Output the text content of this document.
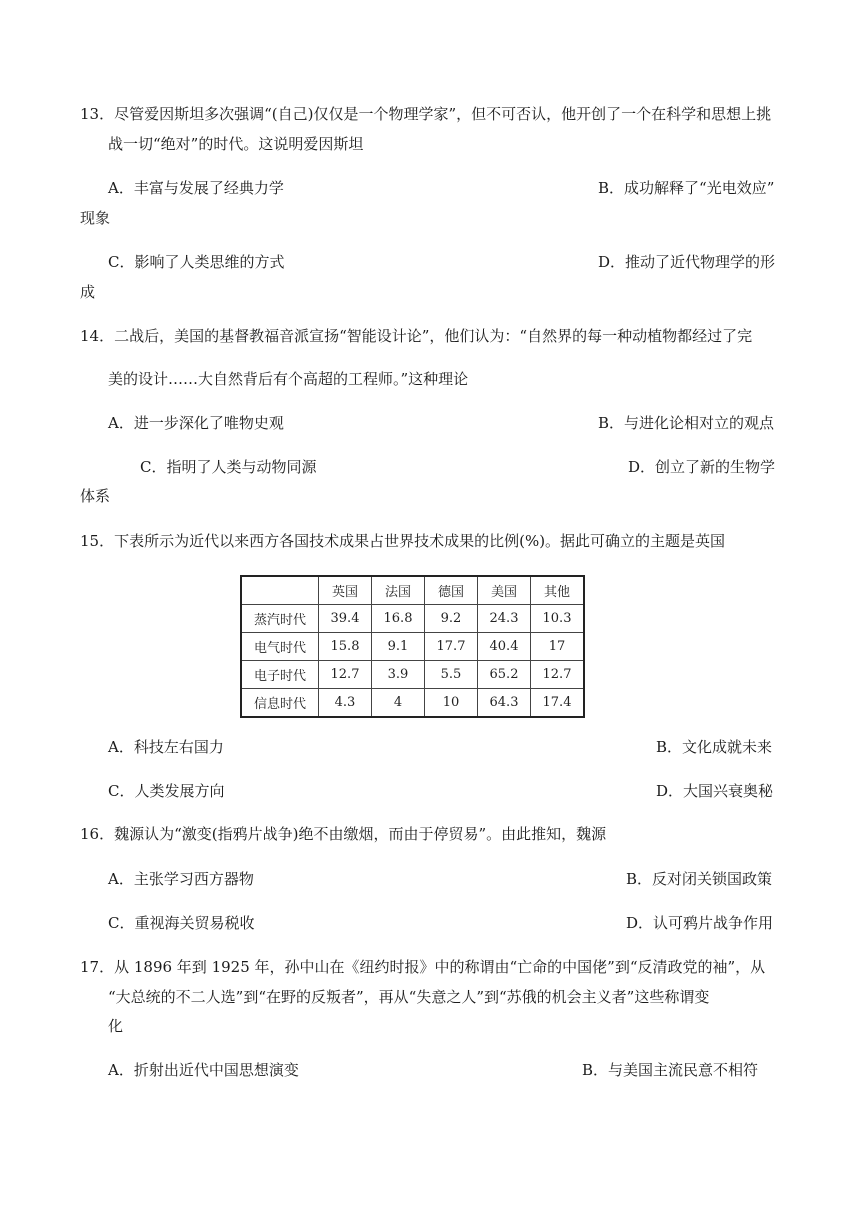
13．尽管爱因斯坦多次强调“(自己)仅仅是一个物理学家”，但不可否认，他开创了一个在科学和思想上挑
战一切“绝对”的时代。这说明爱因斯坦
A．丰富与发展了经典力学	B．成功解释了“光电效应”
现象
C．影响了人类思维的方式	D．推动了近代物理学的形
成
14．二战后，美国的基督教福音派宣扬“智能设计论”，他们认为：“自然界的每一种动植物都经过了完
美的设计……大自然背后有个高超的工程师。”这种理论
A．进一步深化了唯物史观	B．与进化论相对立的观点
C．指明了人类与动物同源	D．创立了新的生物学
体系
15．下表所示为近代以来西方各国技术成果占世界技术成果的比例(%)。据此可确立的主题是英国
	英国	法国	德国	美国	其他
蒸汽时代	39.4	16.8	9.2	24.3	10.3
电气时代	15.8	9.1	17.7	40.4	17
电子时代	12.7	3.9	5.5	65.2	12.7
信息时代	4.3	4	10	64.3	17.4
A．科技左右国力	B．文化成就未来
C．人类发展方向	D．大国兴衰奥秘
16．魏源认为“激变(指鸦片战争)绝不由缴烟，而由于停贸易”。由此推知，魏源
A．主张学习西方器物	B．反对闭关锁国政策
C．重视海关贸易税收	D．认可鸦片战争作用
17．从 1896 年到 1925 年，孙中山在《纽约时报》中的称谓由“亡命的中国佬”到“反清政党的袖”，从
“大总统的不二人选”到“在野的反叛者”，再从“失意之人”到“苏俄的机会主义者”这些称谓变
化
A．折射出近代中国思想演变	B．与美国主流民意不相符
